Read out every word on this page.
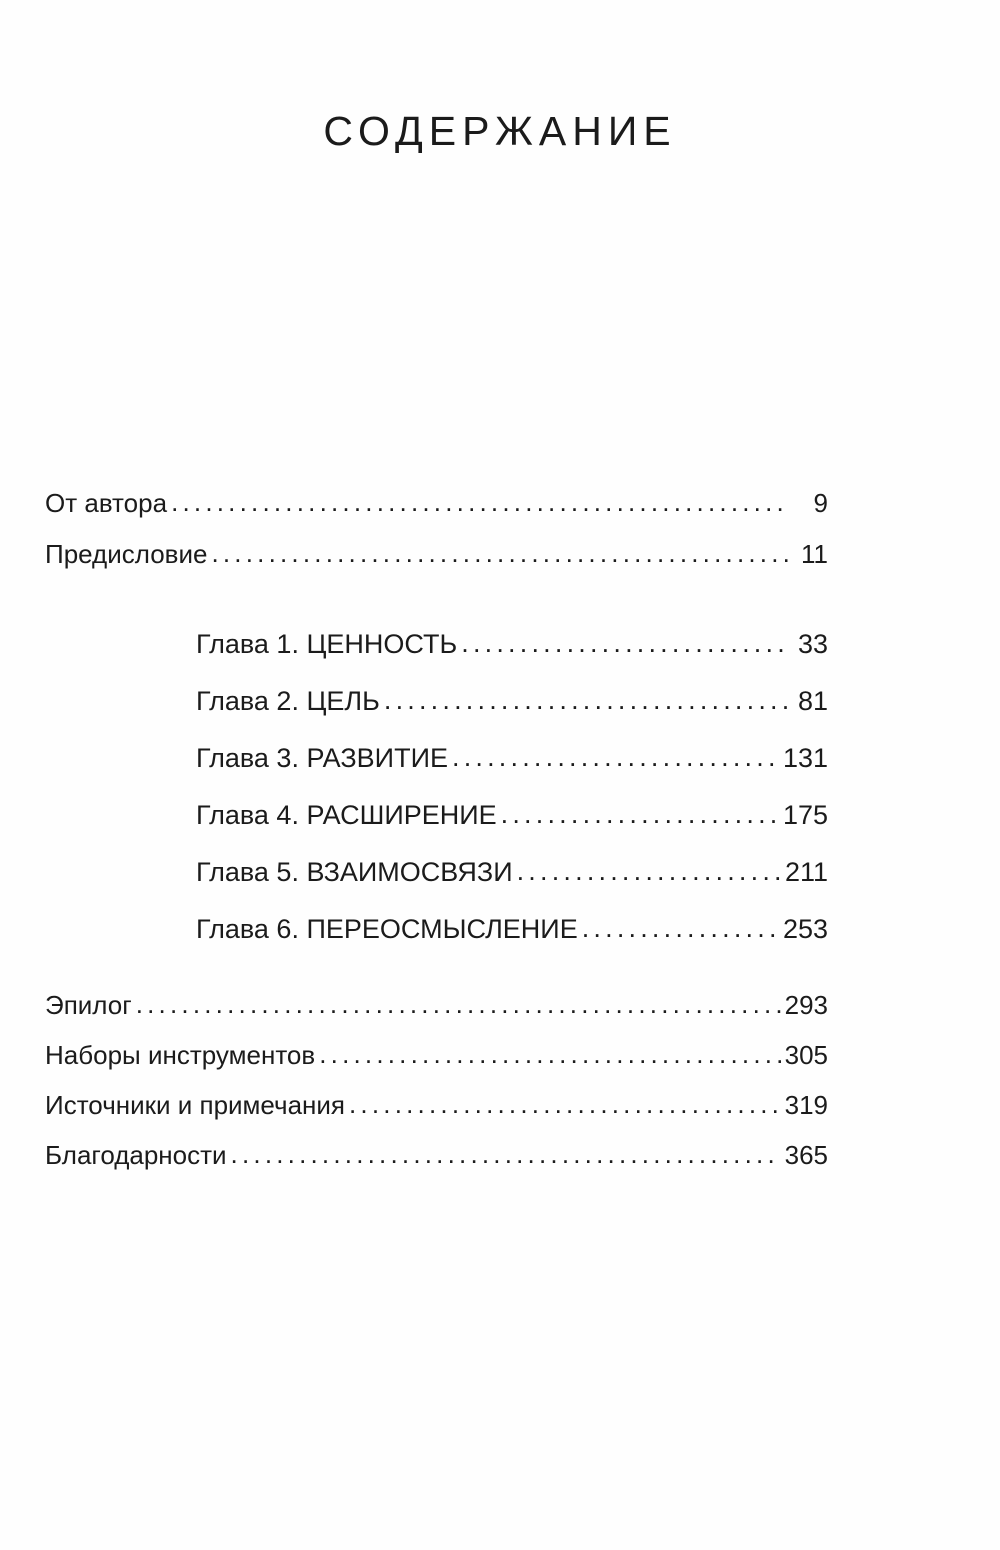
СОДЕРЖАНИЕ
От автора .....	9
Предисловие .....	11
Глава 1. ЦЕННОСТЬ .....	33
Глава 2. ЦЕЛЬ .....	81
Глава 3. РАЗВИТИЕ .....	131
Глава 4. РАСШИРЕНИЕ .....	175
Глава 5. ВЗАИМОСВЯЗИ .....	211
Глава 6. ПЕРЕОСМЫСЛЕНИЕ .....	253
Эпилог .....	293
Наборы инструментов .....	305
Источники и примечания .....	319
Благодарности .....	365
